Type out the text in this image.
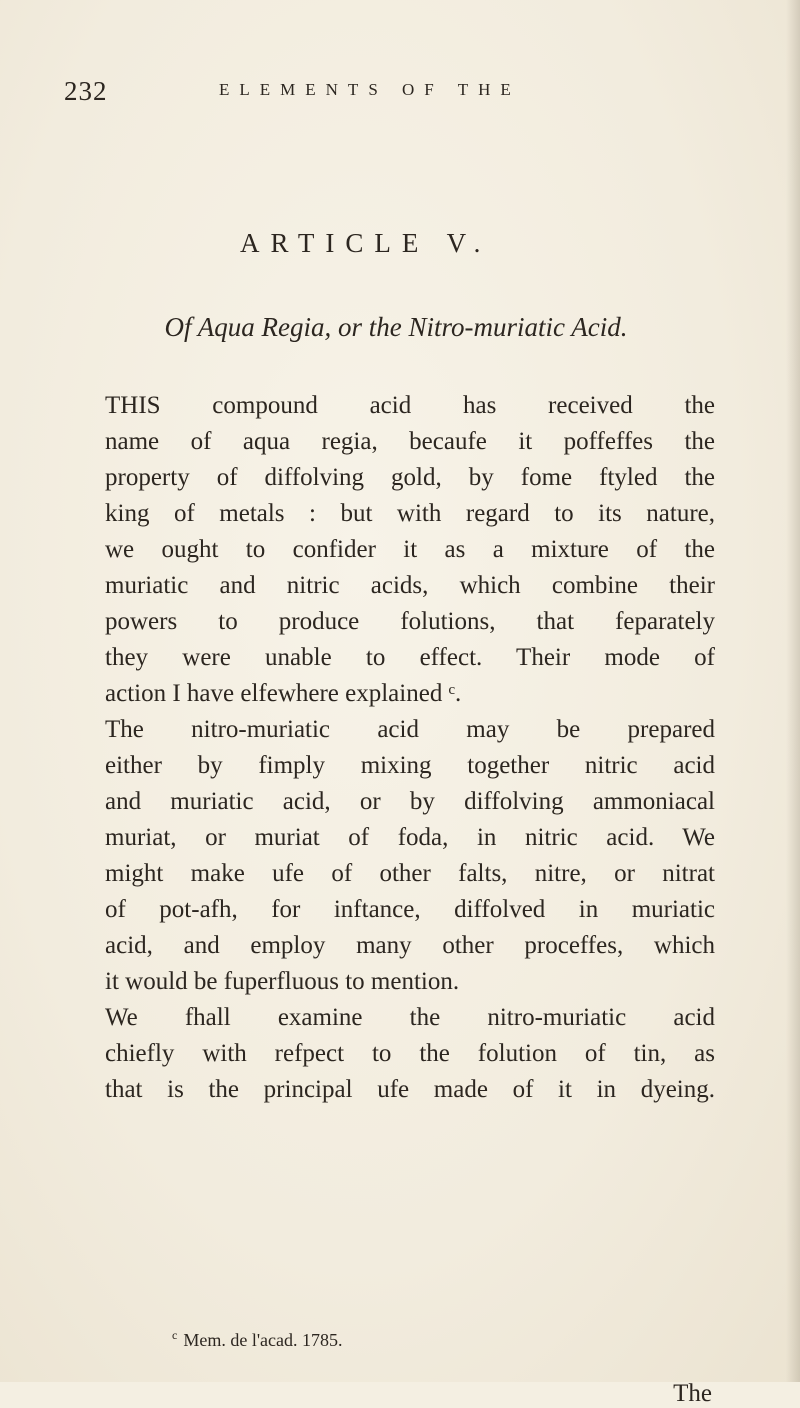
232	ELEMENTS OF THE
ARTICLE V.
Of Aqua Regia, or the Nitro-muriatic Acid.
THIS compound acid has received the
name of aqua regia, becaufe it poffeffes the
property of diffolving gold, by fome ftyled the
king of metals : but with regard to its nature,
we ought to confider it as a mixture of the
muriatic and nitric acids, which combine their
powers to produce folutions, that feparately
they were unable to effect. Their mode of
action I have elfewhere explained ᶜ.
The nitro-muriatic acid may be prepared
either by fimply mixing together nitric acid
and muriatic acid, or by diffolving ammoniacal
muriat, or muriat of foda, in nitric acid. We
might make ufe of other falts, nitre, or nitrat
of pot-afh, for inftance, diffolved in muriatic
acid, and employ many other proceffes, which
it would be fuperfluous to mention.
We fhall examine the nitro-muriatic acid
chiefly with refpect to the folution of tin, as
that is the principal ufe made of it in dyeing.
$^c$ Mem. de l'acad. 1785.
The
